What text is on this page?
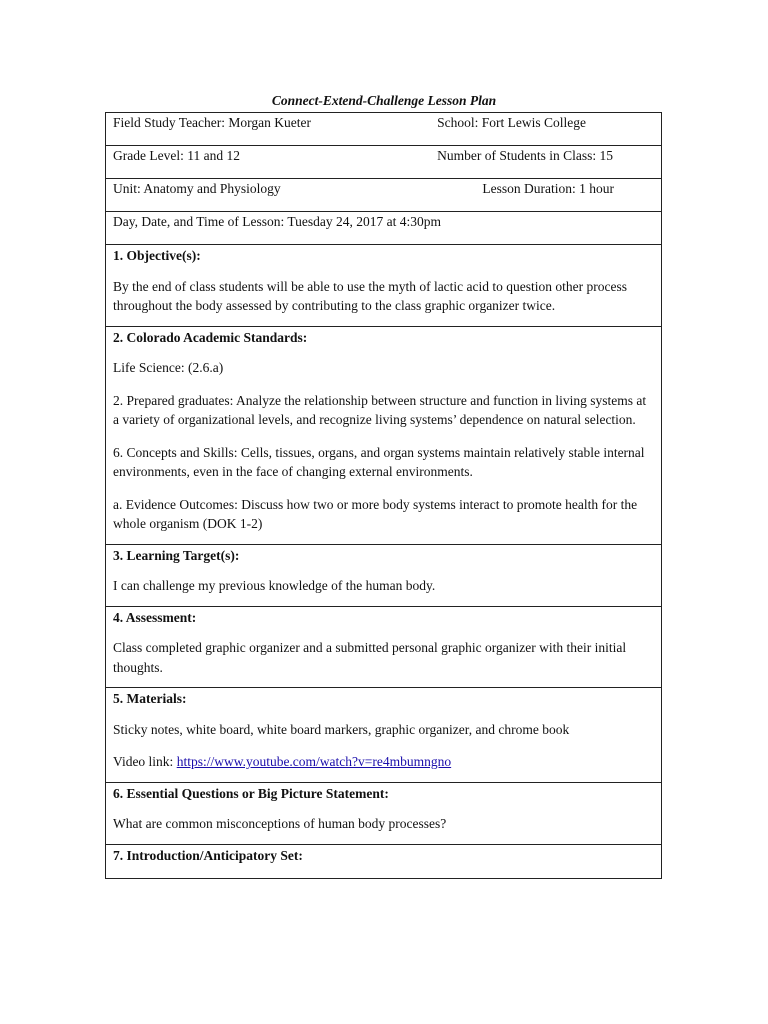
Connect-Extend-Challenge Lesson Plan
Field Study Teacher: Morgan Kueter	School: Fort Lewis College

Grade Level: 11 and 12	Number of Students in Class: 15

Unit: Anatomy and Physiology	Lesson Duration: 1 hour

Day, Date, and Time of Lesson: Tuesday 24, 2017 at 4:30pm

1. Objective(s):
By the end of class students will be able to use the myth of lactic acid to question other process throughout the body assessed by contributing to the class graphic organizer twice.

2. Colorado Academic Standards:
Life Science: (2.6.a)
2. Prepared graduates: Analyze the relationship between structure and function in living systems at a variety of organizational levels, and recognize living systems’ dependence on natural selection.
6. Concepts and Skills: Cells, tissues, organs, and organ systems maintain relatively stable internal environments, even in the face of changing external environments.
a. Evidence Outcomes: Discuss how two or more body systems interact to promote health for the whole organism (DOK 1-2)

3. Learning Target(s):
I can challenge my previous knowledge of the human body.

4. Assessment:
Class completed graphic organizer and a submitted personal graphic organizer with their initial thoughts.

5. Materials:
Sticky notes, white board, white board markers, graphic organizer, and chrome book
Video link: https://www.youtube.com/watch?v=re4mbumngno

6. Essential Questions or Big Picture Statement:
What are common misconceptions of human body processes?

7. Introduction/Anticipatory Set:
